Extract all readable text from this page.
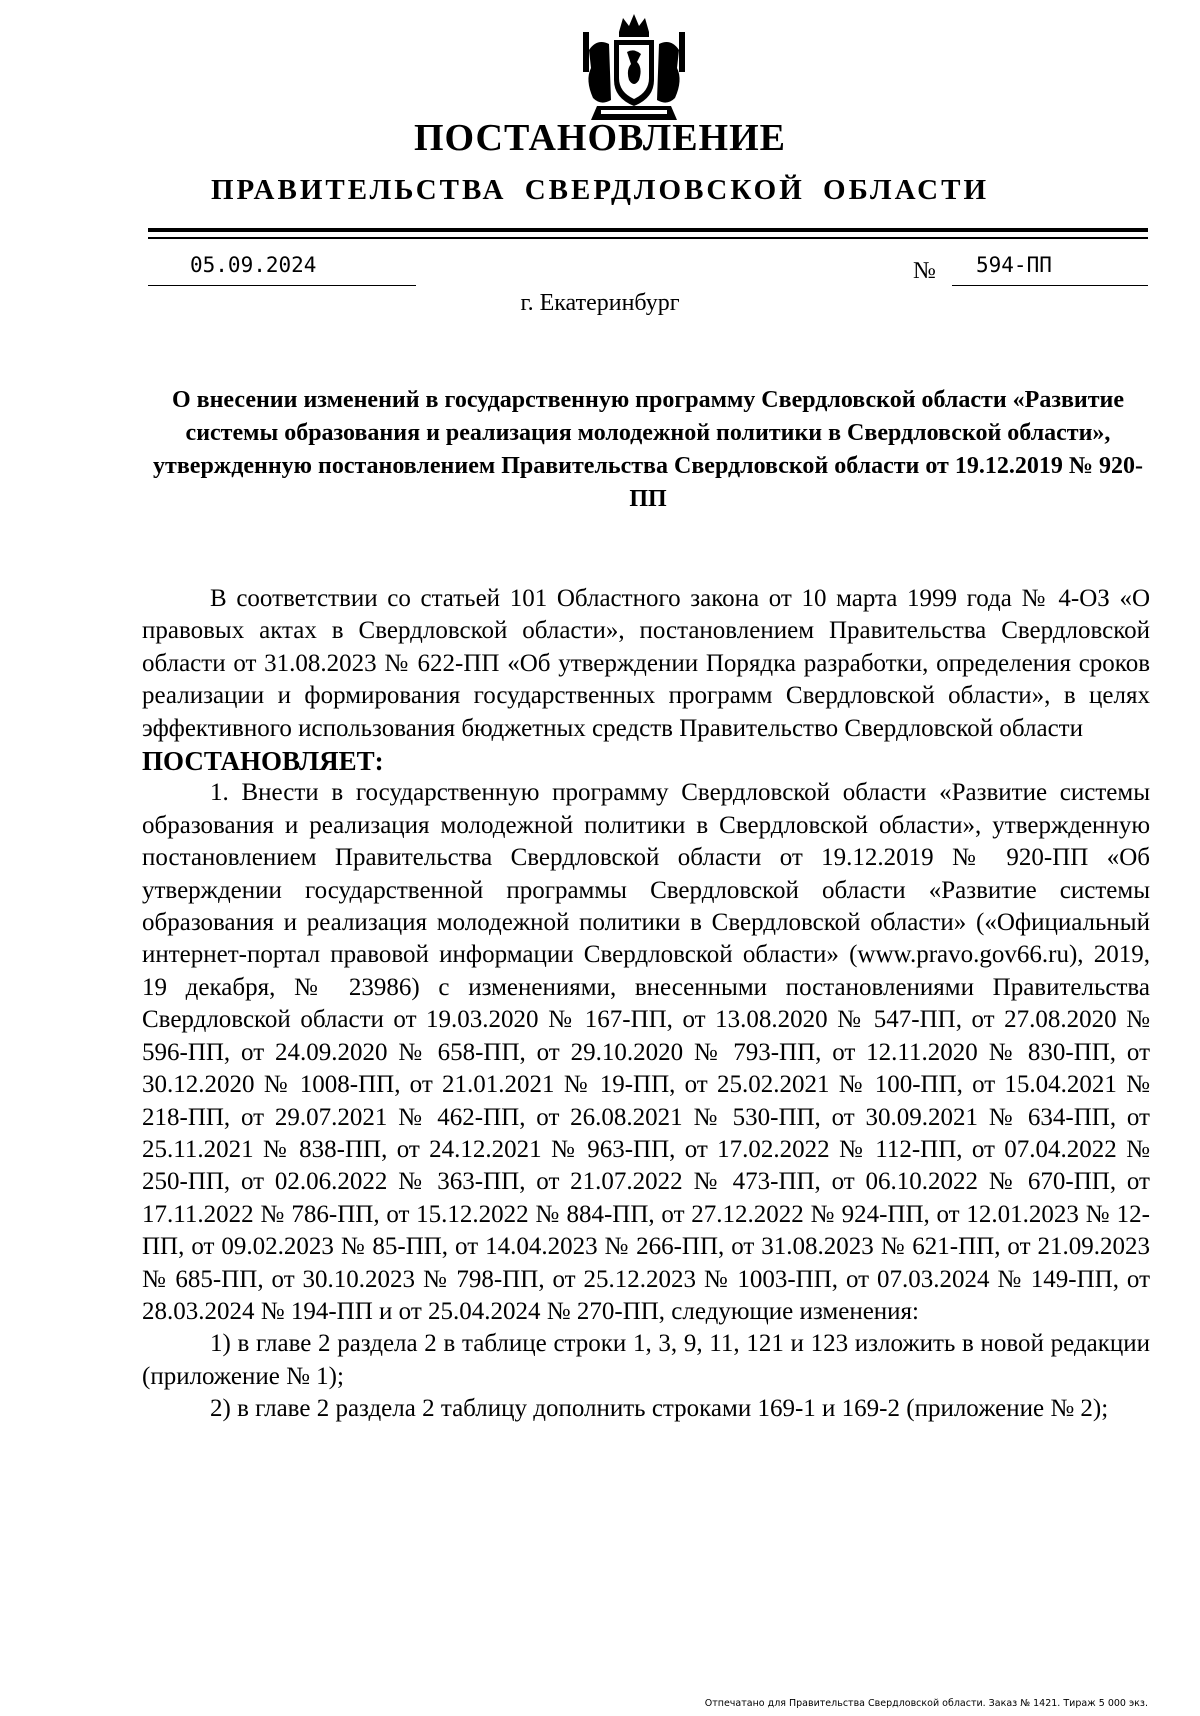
ПОСТАНОВЛЕНИЕ
ПРАВИТЕЛЬСТВА СВЕРДЛОВСКОЙ ОБЛАСТИ
05.09.2024	№	594-ПП
г. Екатеринбург
О внесении изменений в государственную программу Свердловской области «Развитие системы образования и реализация молодежной политики в Свердловской области», утвержденную постановлением Правительства Свердловской области от 19.12.2019 № 920-ПП

В соответствии со статьей 101 Областного закона от 10 марта 1999 года № 4-ОЗ «О правовых актах в Свердловской области», постановлением Правительства Свердловской области от 31.08.2023 № 622-ПП «Об утверждении Порядка разработки, определения сроков реализации и формирования государственных программ Свердловской области», в целях эффективного использования бюджетных средств Правительство Свердловской области

ПОСТАНОВЛЯЕТ:

1. Внести в государственную программу Свердловской области «Развитие системы образования и реализация молодежной политики в Свердловской области», утвержденную постановлением Правительства Свердловской области от 19.12.2019 № 920-ПП «Об утверждении государственной программы Свердловской области «Развитие системы образования и реализация молодежной политики в Свердловской области» («Официальный интернет-портал правовой информации Свердловской области» (www.pravo.gov66.ru), 2019, 19 декабря, № 23986) с изменениями, внесенными постановлениями Правительства Свердловской области от 19.03.2020 № 167-ПП, от 13.08.2020 № 547-ПП, от 27.08.2020 № 596-ПП, от 24.09.2020 № 658-ПП, от 29.10.2020 № 793-ПП, от 12.11.2020 № 830-ПП, от 30.12.2020 № 1008-ПП, от 21.01.2021 № 19-ПП, от 25.02.2021 № 100-ПП, от 15.04.2021 № 218-ПП, от 29.07.2021 № 462-ПП, от 26.08.2021 № 530-ПП, от 30.09.2021 № 634-ПП, от 25.11.2021 № 838-ПП, от 24.12.2021 № 963-ПП, от 17.02.2022 № 112-ПП, от 07.04.2022 № 250-ПП, от 02.06.2022 № 363-ПП, от 21.07.2022 № 473-ПП, от 06.10.2022 № 670-ПП, от 17.11.2022 № 786-ПП, от 15.12.2022 № 884-ПП, от 27.12.2022 № 924-ПП, от 12.01.2023 № 12-ПП, от 09.02.2023 № 85-ПП, от 14.04.2023 № 266-ПП, от 31.08.2023 № 621-ПП, от 21.09.2023 № 685-ПП, от 30.10.2023 № 798-ПП, от 25.12.2023 № 1003-ПП, от 07.03.2024 № 149-ПП, от 28.03.2024 № 194-ПП и от 25.04.2024 № 270-ПП, следующие изменения:

1) в главе 2 раздела 2 в таблице строки 1, 3, 9, 11, 121 и 123 изложить в новой редакции (приложение № 1);

2) в главе 2 раздела 2 таблицу дополнить строками 169-1 и 169-2 (приложение № 2);

Отпечатано для Правительства Свердловской области. Заказ № 1421. Тираж 5 000 экз.
